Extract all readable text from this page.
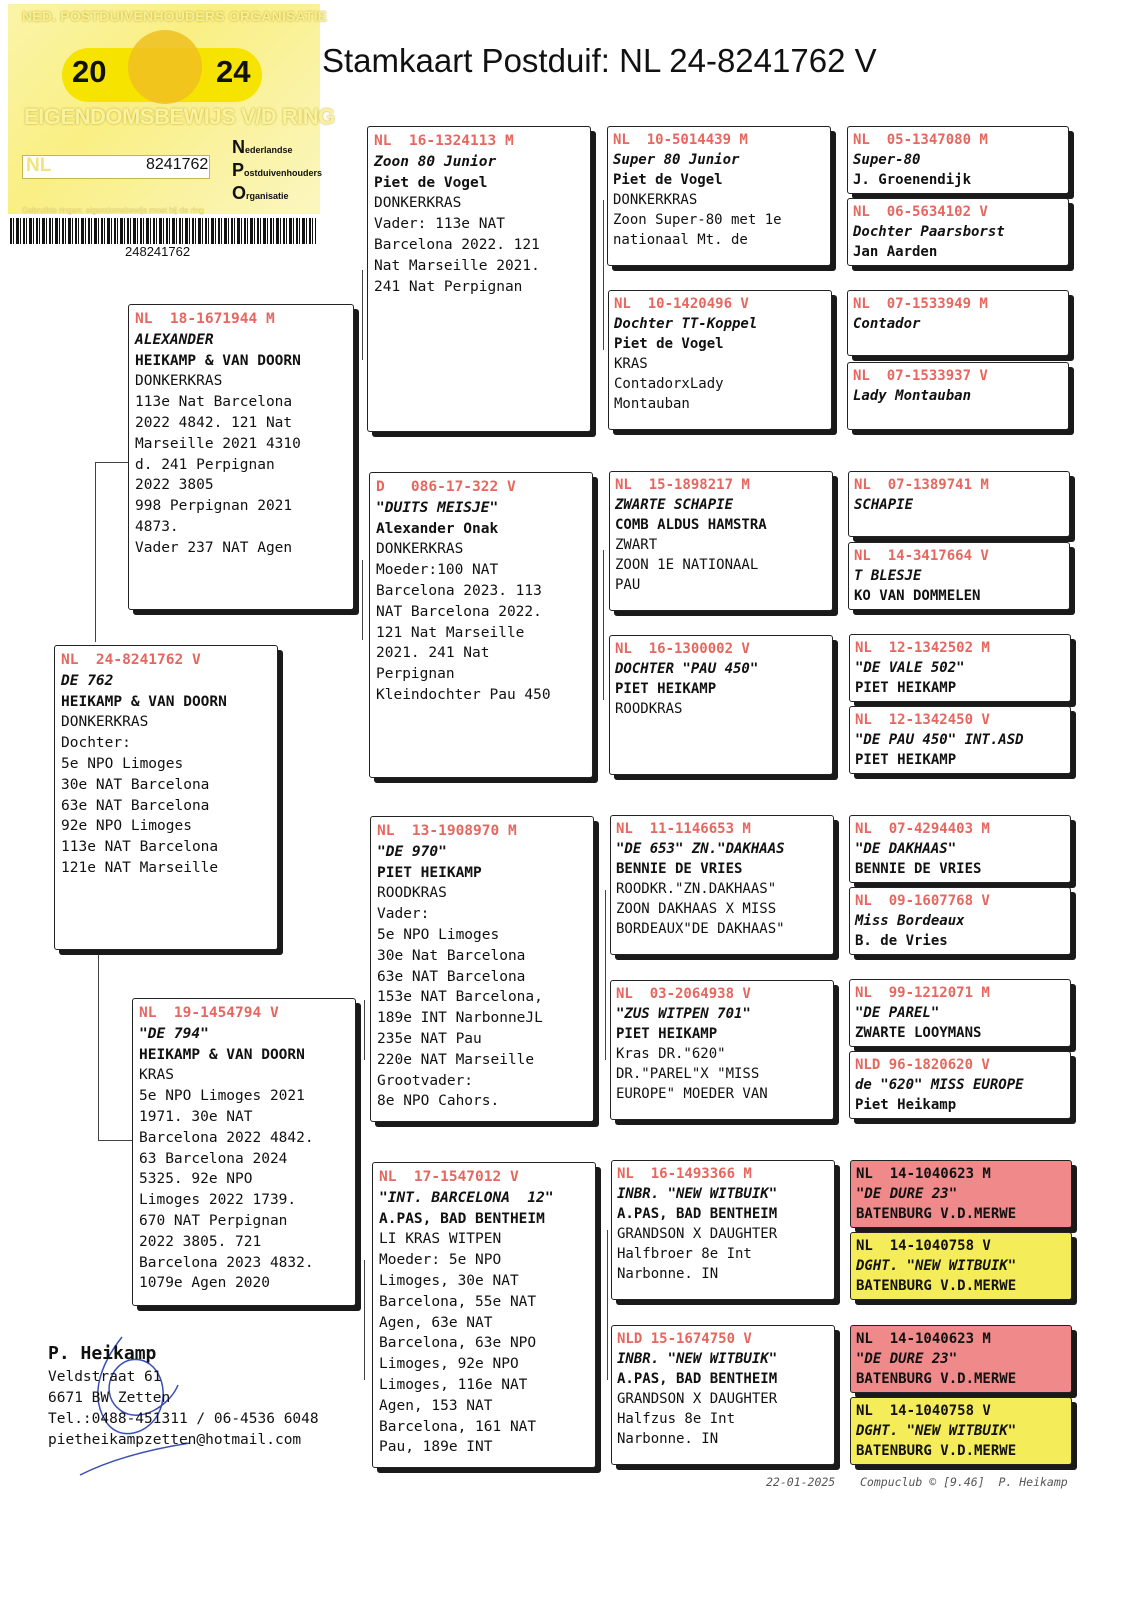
Stamkaart Postduif: NL 24-8241762 V
NED. POSTDUIVENHOUDERS ORGANISATIE
20	24
EIGENDOMSBEWIJS V/D RING
NL	8241762
Nederlandse
Postduivenhouders
Organisatie
Gebruikte ringen: eigendomsbewijs moet bij de ring
248241762
NL  24-8241762 V
DE 762
HEIKAMP & VAN DOORN
DONKERKRAS
Dochter:
5e NPO Limoges
30e NAT Barcelona
63e NAT Barcelona
92e NPO Limoges
113e NAT Barcelona
121e NAT Marseille
NL  18-1671944 M
ALEXANDER
HEIKAMP & VAN DOORN
DONKERKRAS
113e Nat Barcelona
2022 4842. 121 Nat
Marseille 2021 4310
d. 241 Perpignan
2022 3805
998 Perpignan 2021
4873.
Vader 237 NAT Agen
NL  19-1454794 V
"DE 794"
HEIKAMP & VAN DOORN
KRAS
5e NPO Limoges 2021
1971. 30e NAT
Barcelona 2022 4842.
63 Barcelona 2024
5325. 92e NPO
Limoges 2022 1739.
670 NAT Perpignan
2022 3805. 721
Barcelona 2023 4832.
1079e Agen 2020
NL  16-1324113 M
Zoon 80 Junior
Piet de Vogel
DONKERKRAS
Vader: 113e NAT
Barcelona 2022. 121
Nat Marseille 2021.
241 Nat Perpignan
D   086-17-322 V
"DUITS MEISJE"
Alexander Onak
DONKERKRAS
Moeder:100 NAT
Barcelona 2023. 113
NAT Barcelona 2022.
121 Nat Marseille
2021. 241 Nat
Perpignan
Kleindochter Pau 450
NL  13-1908970 M
"DE 970"
PIET HEIKAMP
ROODKRAS
Vader:
5e NPO Limoges
30e Nat Barcelona
63e NAT Barcelona
153e NAT Barcelona,
189e INT NarbonneJL
235e NAT Pau
220e NAT Marseille
Grootvader:
8e NPO Cahors.
NL  17-1547012 V
"INT. BARCELONA  12"
A.PAS, BAD BENTHEIM
LI KRAS WITPEN
Moeder: 5e NPO
Limoges, 30e NAT
Barcelona, 55e NAT
Agen, 63e NAT
Barcelona, 63e NPO
Limoges, 92e NPO
Limoges, 116e NAT
Agen, 153 NAT
Barcelona, 161 NAT
Pau, 189e INT
NL  10-5014439 M
Super 80 Junior
Piet de Vogel
DONKERKRAS
Zoon Super-80 met 1e
nationaal Mt. de
NL  10-1420496 V
Dochter TT-Koppel
Piet de Vogel
KRAS
ContadorxLady
Montauban
NL  15-1898217 M
ZWARTE SCHAPIE
COMB ALDUS HAMSTRA
ZWART
ZOON 1E NATIONAAL
PAU
NL  16-1300002 V
DOCHTER "PAU 450"
PIET HEIKAMP
ROODKRAS
NL  11-1146653 M
"DE 653" ZN."DAKHAAS
BENNIE DE VRIES
ROODKR."ZN.DAKHAAS"
ZOON DAKHAAS X MISS
BORDEAUX"DE DAKHAAS"
NL  03-2064938 V
"ZUS WITPEN 701"
PIET HEIKAMP
Kras DR."620"
DR."PAREL"X "MISS
EUROPE" MOEDER VAN
NL  16-1493366 M
INBR. "NEW WITBUIK"
A.PAS, BAD BENTHEIM
GRANDSON X DAUGHTER
Halfbroer 8e Int
Narbonne. IN
NLD 15-1674750 V
INBR. "NEW WITBUIK"
A.PAS, BAD BENTHEIM
GRANDSON X DAUGHTER
Halfzus 8e Int
Narbonne. IN
NL  05-1347080 M
Super-80
J. Groenendijk
NL  06-5634102 V
Dochter Paarsborst
Jan Aarden
NL  07-1533949 M
Contador
NL  07-1533937 V
Lady Montauban
NL  07-1389741 M
SCHAPIE
NL  14-3417664 V
T BLESJE
KO VAN DOMMELEN
NL  12-1342502 M
"DE VALE 502"
PIET HEIKAMP
NL  12-1342450 V
"DE PAU 450" INT.ASD
PIET HEIKAMP
NL  07-4294403 M
"DE DAKHAAS"
BENNIE DE VRIES
NL  09-1607768 V
Miss Bordeaux
B. de Vries
NL  99-1212071 M
"DE PAREL"
ZWARTE LOOYMANS
NLD 96-1820620 V
de "620" MISS EUROPE
Piet Heikamp
NL  14-1040623 M
"DE DURE 23"
BATENBURG V.D.MERWE
NL  14-1040758 V
DGHT. "NEW WITBUIK"
BATENBURG V.D.MERWE
NL  14-1040623 M
"DE DURE 23"
BATENBURG V.D.MERWE
NL  14-1040758 V
DGHT. "NEW WITBUIK"
BATENBURG V.D.MERWE
P. Heikamp
Veldstraat 61
6671 BW Zetten
Tel.:0488-451311 / 06-4536 6048
pietheikampzetten@hotmail.com
22-01-2025 Compuclub © [9.46]  P. Heikamp
